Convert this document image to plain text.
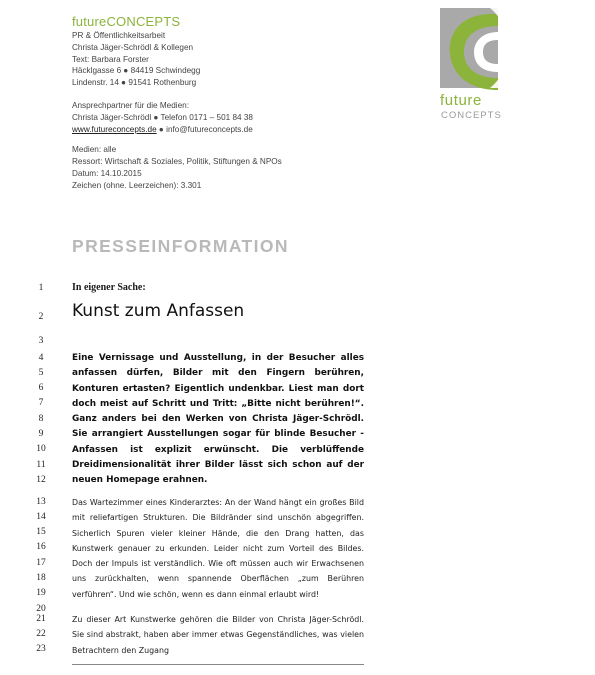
futureCONCEPTS
PR & Öffentlichkeitsarbeit
Christa Jäger-Schrödl & Kollegen
Text: Barbara Forster
Häcklgasse 6 ● 84419 Schwindegg
Lindenstr. 14 ● 91541 Rothenburg
Ansprechpartner für die Medien:
Christa Jäger-Schrödl ● Telefon 0171 – 501 84 38
www.futureconcepts.de ● info@futureconcepts.de
Medien: alle
Ressort: Wirtschaft & Soziales, Politik, Stiftungen & NPOs
Datum: 14.10.2015
Zeichen (ohne. Leerzeichen): 3.301
future
CONCEPTS
PRESSEINFORMATION
1
2
3
4
5
6
7
8
9
10
11
12
13
14
15
16
17
18
19
20
21
22
23
In eigener Sache:
Kunst zum Anfassen
Eine Vernissage und Ausstellung, in der Besucher alles anfassen dürfen, Bilder mit den Fingern berühren, Konturen ertasten? Eigentlich undenkbar. Liest man dort doch meist auf Schritt und Tritt: „Bitte nicht berühren!“. Ganz anders bei den Werken von Christa Jäger-Schrödl. Sie arrangiert Ausstellungen sogar für blinde Besucher - Anfassen ist explizit erwünscht. Die verblüffende Dreidimensionalität ihrer Bilder lässt sich schon auf der neuen Homepage erahnen.
Das Wartezimmer eines Kinderarztes: An der Wand hängt ein großes Bild mit reliefartigen Strukturen. Die Bildränder sind unschön abgegriffen. Sicherlich Spuren vieler kleiner Hände, die den Drang hatten, das Kunstwerk genauer zu erkunden. Leider nicht zum Vorteil des Bildes. Doch der Impuls ist verständlich. Wie oft müssen auch wir Erwachsenen uns zurückhalten, wenn spannende Oberflächen „zum Berühren verführen“. Und wie schön, wenn es dann einmal erlaubt wird!
Zu dieser Art Kunstwerke gehören die Bilder von Christa Jäger-Schrödl. Sie sind abstrakt, haben aber immer etwas Gegenständliches, was vielen Betrachtern den Zugang
